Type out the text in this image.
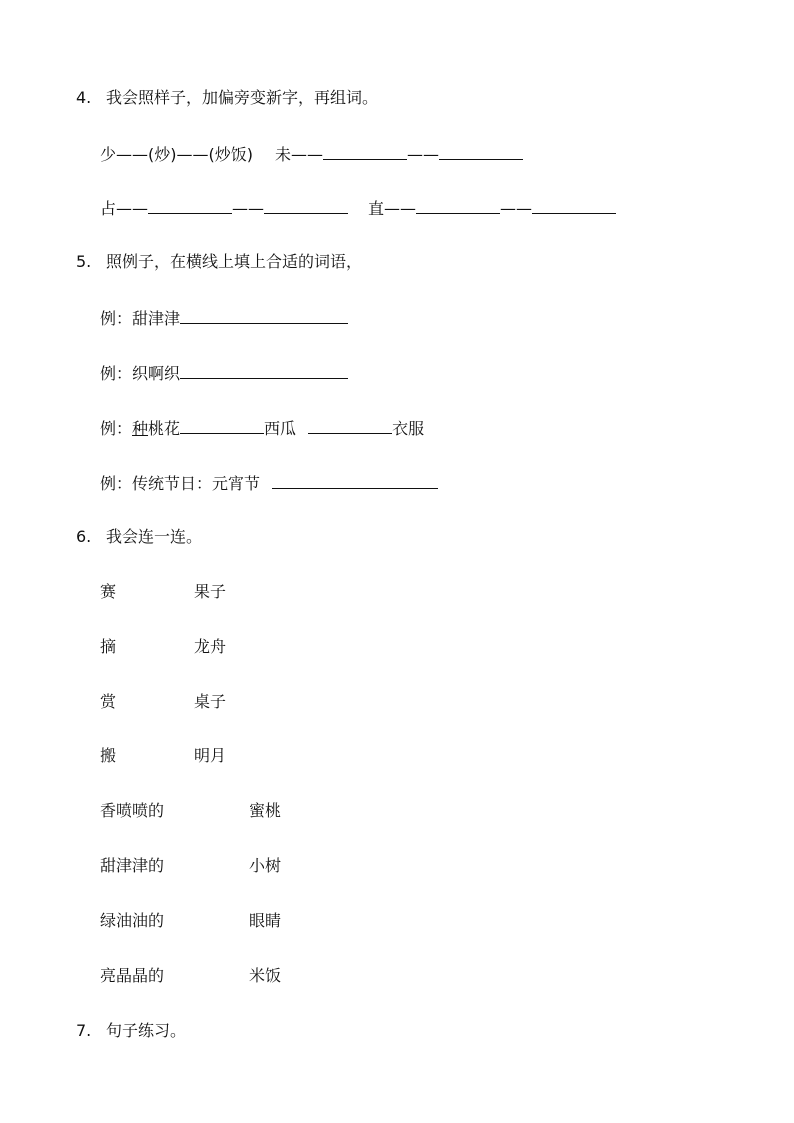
4. 我会照样子，加偏旁变新字，再组词。
少——(炒)——(炒饭) 未——	——
占——	——	直——	——
5. 照例子，在横线上填上合适的词语，
例：甜津津
例：织啊织
例：种桃花	西瓜	衣服
例：传统节日：元宵节
6. 我会连一连。
赛	果子
摘	龙舟
赏	桌子
搬	明月
香喷喷的	蜜桃
甜津津的	小树
绿油油的	眼睛
亮晶晶的	米饭
7. 句子练习。
